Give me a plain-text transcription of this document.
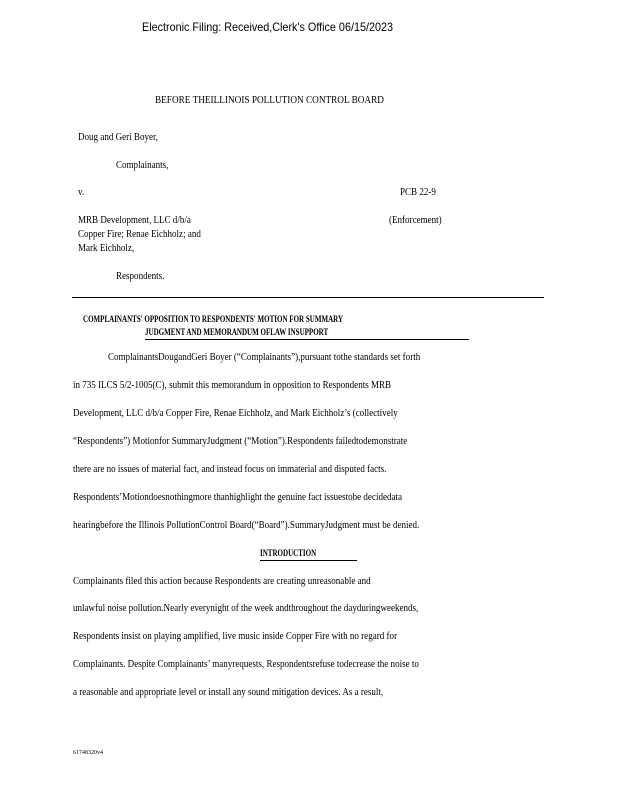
Electronic Filing: Received,Clerk's Office 06/15/2023
BEFORE THEILLINOIS POLLUTION CONTROL BOARD
Doug and Geri Boyer,
Complainants,
v.	PCB 22-9
MRB Development, LLC d/b/a	(Enforcement)
Copper Fire; Renae Eichholz; and
Mark Eichholz,
Respondents.
COMPLAINANTS' OPPOSITION TO RESPONDENTS' MOTION FOR SUMMARY
JUDGMENT AND MEMORANDUM OFLAW INSUPPORT
ComplainantsDougandGeri Boyer (“Complainants”),pursuant tothe standards set forth
in 735 ILCS 5/2-1005(C), submit this memorandum in opposition to Respondents MRB
Development, LLC d/b/a Copper Fire, Renae Eichholz, and Mark Eichholz’s (collectively
“Respondents”) Motionfor SummaryJudgment (“Motion”).Respondents failedtodemonstrate
there are no issues of material fact, and instead focus on immaterial and disputed facts.
Respondents’Motiondoesnothingmore thanhighlight the genuine fact issuestobe decidedata
hearingbefore the Illinois PollutionControl Board(“Board”).SummaryJudgment must be denied.
INTRODUCTION
Complainants filed this action because Respondents are creating unreasonable and
unlawful noise pollution.Nearly everynight of the week andthroughout the dayduringweekends,
Respondents insist on playing amplified, live music inside Copper Fire with no regard for
Complainants. Despite Complainants’ manyrequests, Respondentsrefuse todecrease the noise to
a reasonable and appropriate level or install any sound mitigation devices. As a result,
61748320v4
